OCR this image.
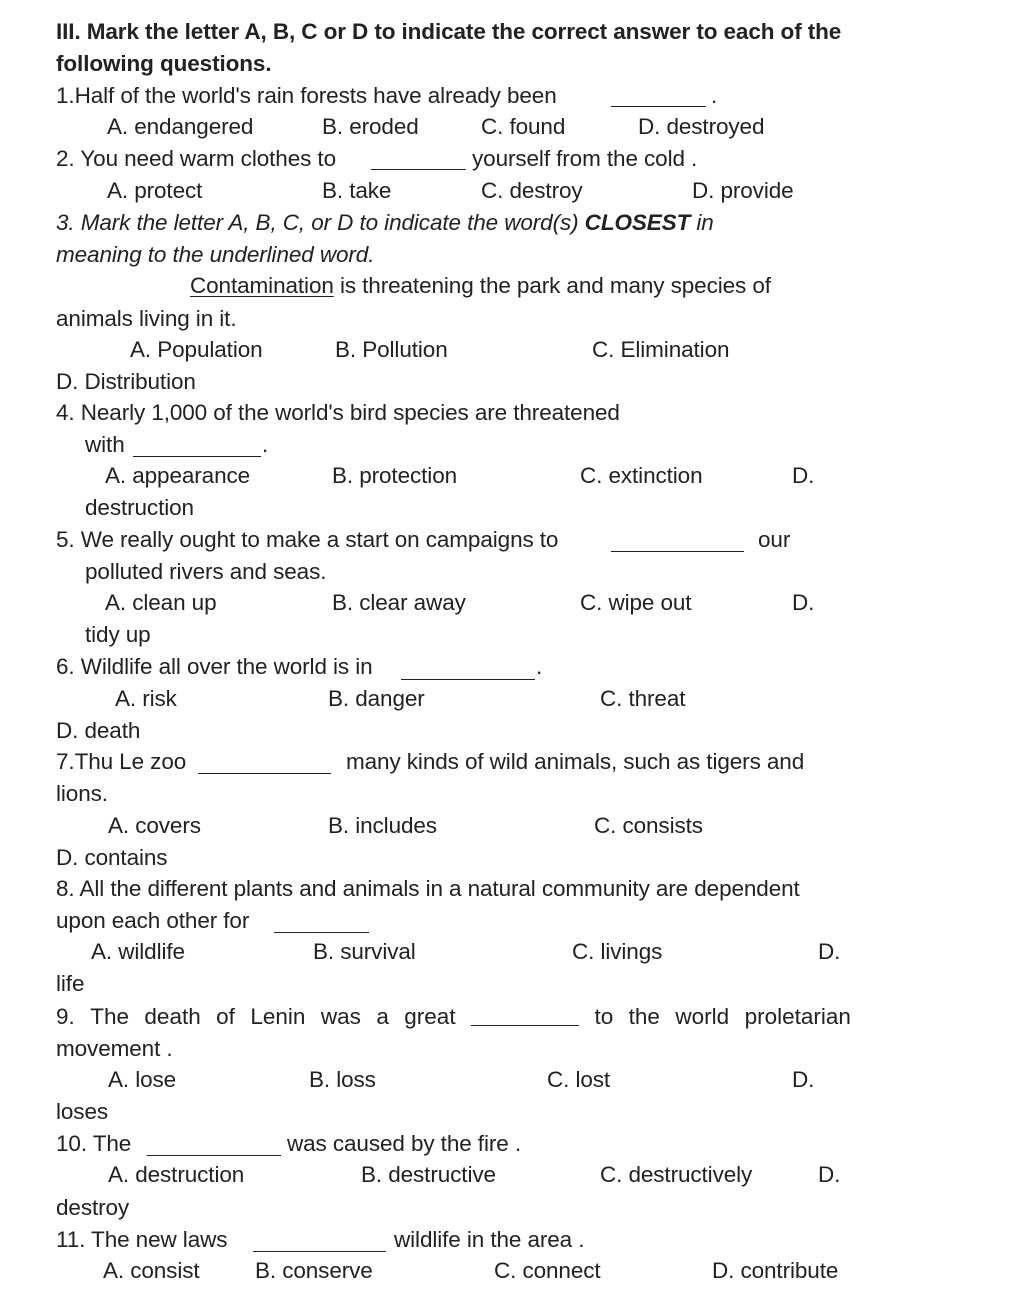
III. Mark the letter A, B, C or D to indicate the correct answer to each of the
following questions.
1.Half of the world's rain forests have already been	.
A. endangered	B. eroded	C. found	D. destroyed
2. You need warm clothes to	yourself from the cold .
A. protect	B. take	C. destroy	D. provide
3. Mark the letter A, B, C, or D to indicate the word(s) CLOSEST in
meaning to the underlined word.
Contamination is threatening the park and many species of
animals living in it.
A. Population	B. Pollution	C. Elimination
D. Distribution
4. Nearly 1,000 of the world's bird species are threatened
with	.
A. appearance	B. protection	C. extinction	D.
destruction
5. We really ought to make a start on campaigns to	our
polluted rivers and seas.
A. clean up	B. clear away	C. wipe out	D.
tidy up
6. Wildlife all over the world is in	.
A. risk	B. danger	C. threat
D. death
7.Thu Le zoo	many kinds of wild animals, such as tigers and
lions.
A. covers	B. includes	C. consists
D. contains
8. All the different plants and animals in a natural community are dependent
upon each other for
A. wildlife	B. survival	C. livings	D.
life
9. The death of Lenin was a great	to the world proletarian
movement .
A. lose	B. loss	C. lost	D.
loses
10. The	was caused by the fire .
A. destruction	B. destructive	C. destructively	D.
destroy
11. The new laws	wildlife in the area .
A. consist B. conserve	C. connect	D. contribute
